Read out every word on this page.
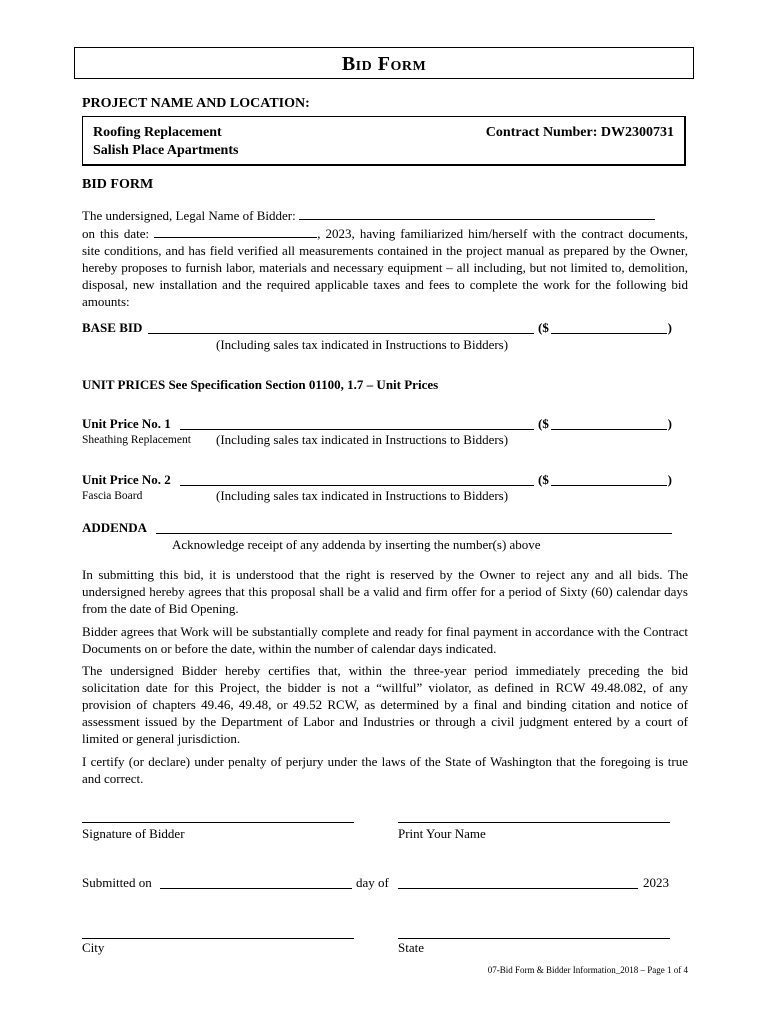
Bid Form
PROJECT NAME AND LOCATION:
Roofing Replacement
Salish Place Apartments
Contract Number: DW2300731
BID FORM
The undersigned, Legal Name of Bidder:
on this date:	, 2023, having familiarized him/herself with the contract documents, site conditions, and has field verified all measurements contained in the project manual as prepared by the Owner, hereby proposes to furnish labor, materials and necessary equipment – all including, but not limited to, demolition, disposal, new installation and the required applicable taxes and fees to complete the work for the following bid amounts:
BASE BID	($	)
(Including sales tax indicated in Instructions to Bidders)
UNIT PRICES See Specification Section 01100, 1.7 – Unit Prices
Unit Price No. 1	($	)
Sheathing Replacement (Including sales tax indicated in Instructions to Bidders)
Unit Price No. 2	($	)
Fascia Board	(Including sales tax indicated in Instructions to Bidders)
ADDENDA
Acknowledge receipt of any addenda by inserting the number(s) above
In submitting this bid, it is understood that the right is reserved by the Owner to reject any and all bids. The undersigned hereby agrees that this proposal shall be a valid and firm offer for a period of Sixty (60) calendar days from the date of Bid Opening.
Bidder agrees that Work will be substantially complete and ready for final payment in accordance with the Contract Documents on or before the date, within the number of calendar days indicated.
The undersigned Bidder hereby certifies that, within the three-year period immediately preceding the bid solicitation date for this Project, the bidder is not a “willful” violator, as defined in RCW 49.48.082, of any provision of chapters 49.46, 49.48, or 49.52 RCW, as determined by a final and binding citation and notice of assessment issued by the Department of Labor and Industries or through a civil judgment entered by a court of limited or general jurisdiction.
I certify (or declare) under penalty of perjury under the laws of the State of Washington that the foregoing is true and correct.
Signature of Bidder	Print Your Name
Submitted on	day of	2023
City	State
07-Bid Form & Bidder Information_2018 – Page 1 of 4
